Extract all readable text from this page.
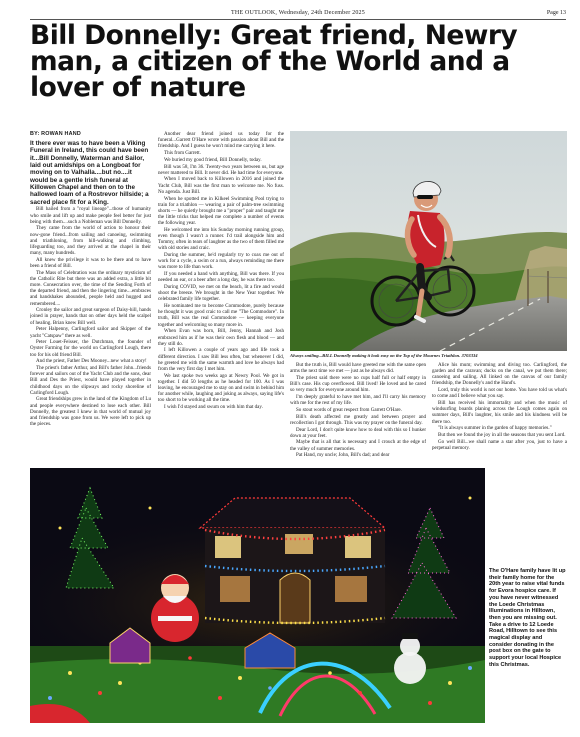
THE OUTLOOK, Wednesday, 24th December 2025	Page 13
Bill Donnelly: Great friend, Newry man, a citizen of the World and a lover of nature
BY: ROWAN HAND

It there ever was to have been a Viking Funeral in Ireland, this could have been it...Bill Donnelly, Waterman and Sailor, laid out amidships on a Longboat for moving on to Valhalla....but no....it would be a gentle Irish funeral at Killowen Chapel and then on to the hallowed loam of a Rostrevor hillside; a sacred place fit for a King.

Bill hailed from a "royal lineage"...those of humanity who smile and lift up and make people feel better for just being with them....such a Nobleman was Bill Donnelly.

They came from the world of action to honour their now-gone friend...from sailing and canoeing, swimming and triathloning, from hill-walking and climbing, lifeguarding too, and they arrived at the chapel in their many, many hundreds.

All knew the privilege it was to be there and to have been a friend of Bill.

The Mass of Celebration was the ordinary mysticism of the Catholic Rite but there was an added extra, a little bit more. Consecration over, the time of the Sending Forth of the departed friend, and then the lingering time....embraces and handshakes abounded, people held and hugged and remembered....

Cronley the sailor and great surgeon of Daisy-hill, hands joined in prayer, hands that on other days held the scalpel of healing. Brian knew Bill well.

Peter Halpenny, Carlingford sailor and Skipper of the yacht "Catspaw" there as well.

Peter Louet-Feisser, the Dutchman, the founder of Oyster Farming for the world on Carlingford Lough, there too for his old friend Bill.

And the priest, Father Des Mooney...new what a story!

The priest's father Arthur, and Bill's father John...friends forever and sailors out of the Yacht Club and the sons, dear Bill and Des the Priest, would have played together in childhood days on the slipways and rocky shoreline of Carlingford Lough.

Great friendships grew in the land of the Kingdom of Lu and people everywhere destined to lose each other. Bill Donnelly, the greatest I knew in that world of mutual joy and friendship was gone from us. We were left to pick up the pieces.

Another dear friend joined us today for the funeral...Garrett O'Hare wrote with passion about Bill and the friendship. And I guess he won't mind me carrying it here.

This from Garrett.

We buried my good friend, Bill Donnelly, today.

Bill was 58, I'm 36. Twenty-two years between us, but age never mattered to Bill. It never did. He had time for everyone.

When I moved back to Killowen in 2016 and joined the Yacht Club, Bill was the first man to welcome me. No fuss. No agenda. Just Bill.

When he spotted me in Kilkeel Swimming Pool trying to train for a triathlon — wearing a pair of palm-tree swimming shorts — he quietly brought me a "proper" pair and taught me the little tricks that helped me complete a number of events the following year.

He welcomed me into his Sunday morning running group, even though I wasn't a runner. I'd trail alongside him and Tommy, often in tears of laughter as the two of them filled me with old stories and craic.

During the summer, he'd regularly try to coax me out of work for a cycle, a swim or a run, always reminding me there was more to life than work.

If you needed a hand with anything, Bill was there. If you needed an ear, or a beer after a long day, he was there too.

During COVID, we met on the beach, lit a fire and would shoot the breeze. We brought in the New Year together. We celebrated family life together.

He nominated me to become Commodore, purely because he thought it was good craic to call me "The Commodore". In truth, Bill was the real Commodore — keeping everyone together and welcoming so many more in.

When Evan was born, Bill, Jenny, Hannah and Josh embraced him as if he was their own flesh and blood — and they still do.

I left Killowen a couple of years ago and life took a different direction. I saw Bill less often, but whenever I did, he greeted me with the same warmth and love he always had from the very first day I met him.

We last spoke two weeks ago at Newry Pool. We got in together. I did 50 lengths as he headed for 100. As I was leaving, he encouraged me to stay on and swim in behind him for another while, laughing and joking as always, saying life's too short to be working all the time.

I wish I'd stayed and swum on with him that day.

Always smiling...BILL Donnelly making it look easy on the Top of the Mournes Triathlon. 3703334

But the truth is, Bill would have greeted me with the same open arms the next time we met — just as he always did.

The priest said there were no cups half full or half empty in Bill's case. His cup overflowed. Bill lived! He loved and he cared so very much for everyone around him.

I'm deeply grateful to have met him, and I'll carry his memory with me for the rest of my life.

So stout words of great respect from Garrett O'Hare.

Bill's death affected me greatly and between prayer and recollection I got through. This was my prayer on the funeral day.

Dear Lord, I don't quite know how to deal with this so I hunker down at your feet.

Maybe that is all that is necessary and I crouch at the edge of the valley of summer memories.

Pat Hand, my uncle; John, Bill's dad; and dear

Alice his mum; swimming and diving too. Carlingford, the garden and the caravan; ducks on the canal, we put them there; canoeing and sailing. All linked on the canvas of our family friendship, the Donnelly's and the Hand's.

Lord, truly this world is not our home. You have told us what's to come and I believe what you say.

Bill has received his immortality and when the music of windsurfing boards planing across the Lough comes again on summer days, Bill's laughter, his smile and his kindness will be there too.

"It is always summer in the garden of happy memories."

But then we found the joy in all the seasons that you sent Lord.

Go well Bill...we shall name a star after you, just to have a perpetual memory.

The O'Hare family have lit up their family home for the 20th year to raise vital funds for Evora hospice care. If you have never witnessed the Loede Christmas Illuminations in Hilltown, then you are missing out. Take a drive to 12 Loede Road, Hilltown to see this magical display and consider donating in the post box on the gate to support your local Hospice this Christmas.
